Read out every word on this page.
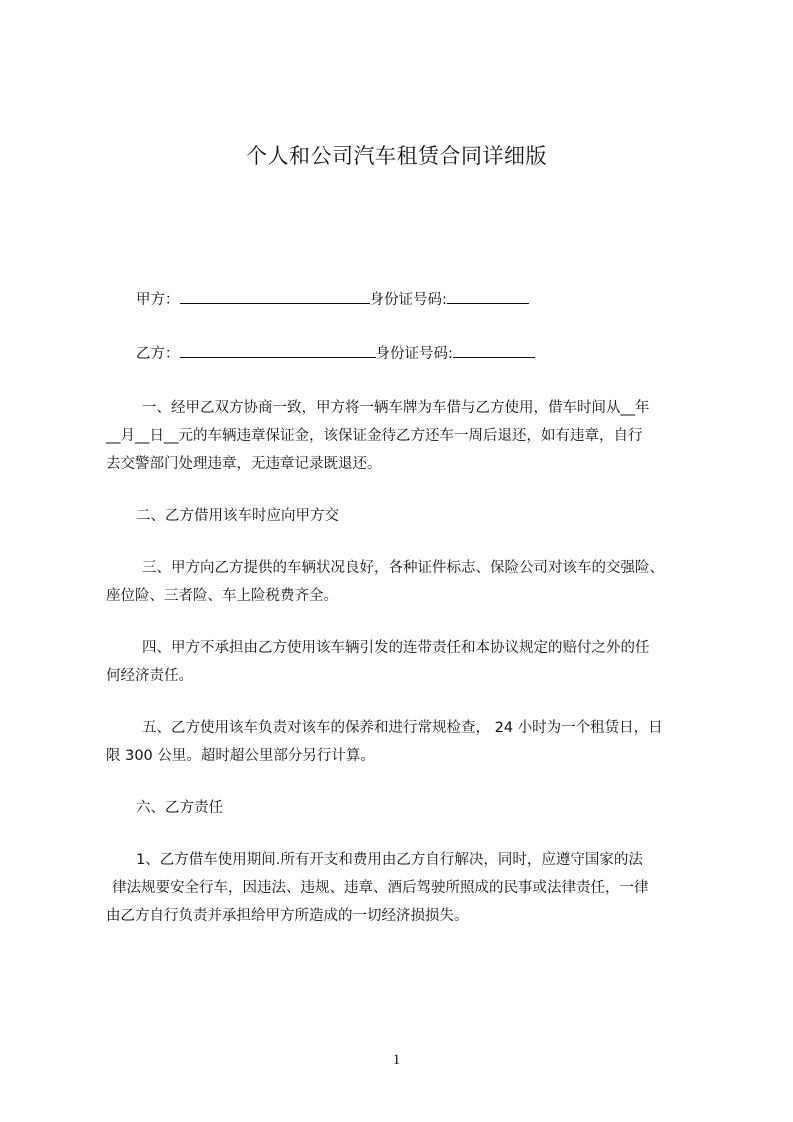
个人和公司汽车租赁合同详细版

甲方：	身份证号码:

乙方：	身份证号码:

一、经甲乙双方协商一致，甲方将一辆车牌为车借与乙方使用，借车时间从__年
__月__日__元的车辆违章保证金，该保证金待乙方还车一周后退还，如有违章，自行
去交警部门处理违章，无违章记录既退还。

二、乙方借用该车时应向甲方交

三、甲方向乙方提供的车辆状况良好，各种证件标志、保险公司对该车的交强险、
座位险、三者险、车上险税费齐全。
四、甲方不承担由乙方使用该车辆引发的连带责任和本协议规定的赔付之外的任
何经济责任。
五、乙方使用该车负责对该车的保养和进行常规检查， 24 小时为一个租赁日，日
限 300 公里。超时超公里部分另行计算。

六、乙方责任

1、乙方借车使用期间.所有开支和费用由乙方自行解决，同时，应遵守国家的法
律法规要安全行车，因违法、违规、违章、酒后驾驶所照成的民事或法律责任，一律
由乙方自行负责并承担给甲方所造成的一切经济损损失。

1
